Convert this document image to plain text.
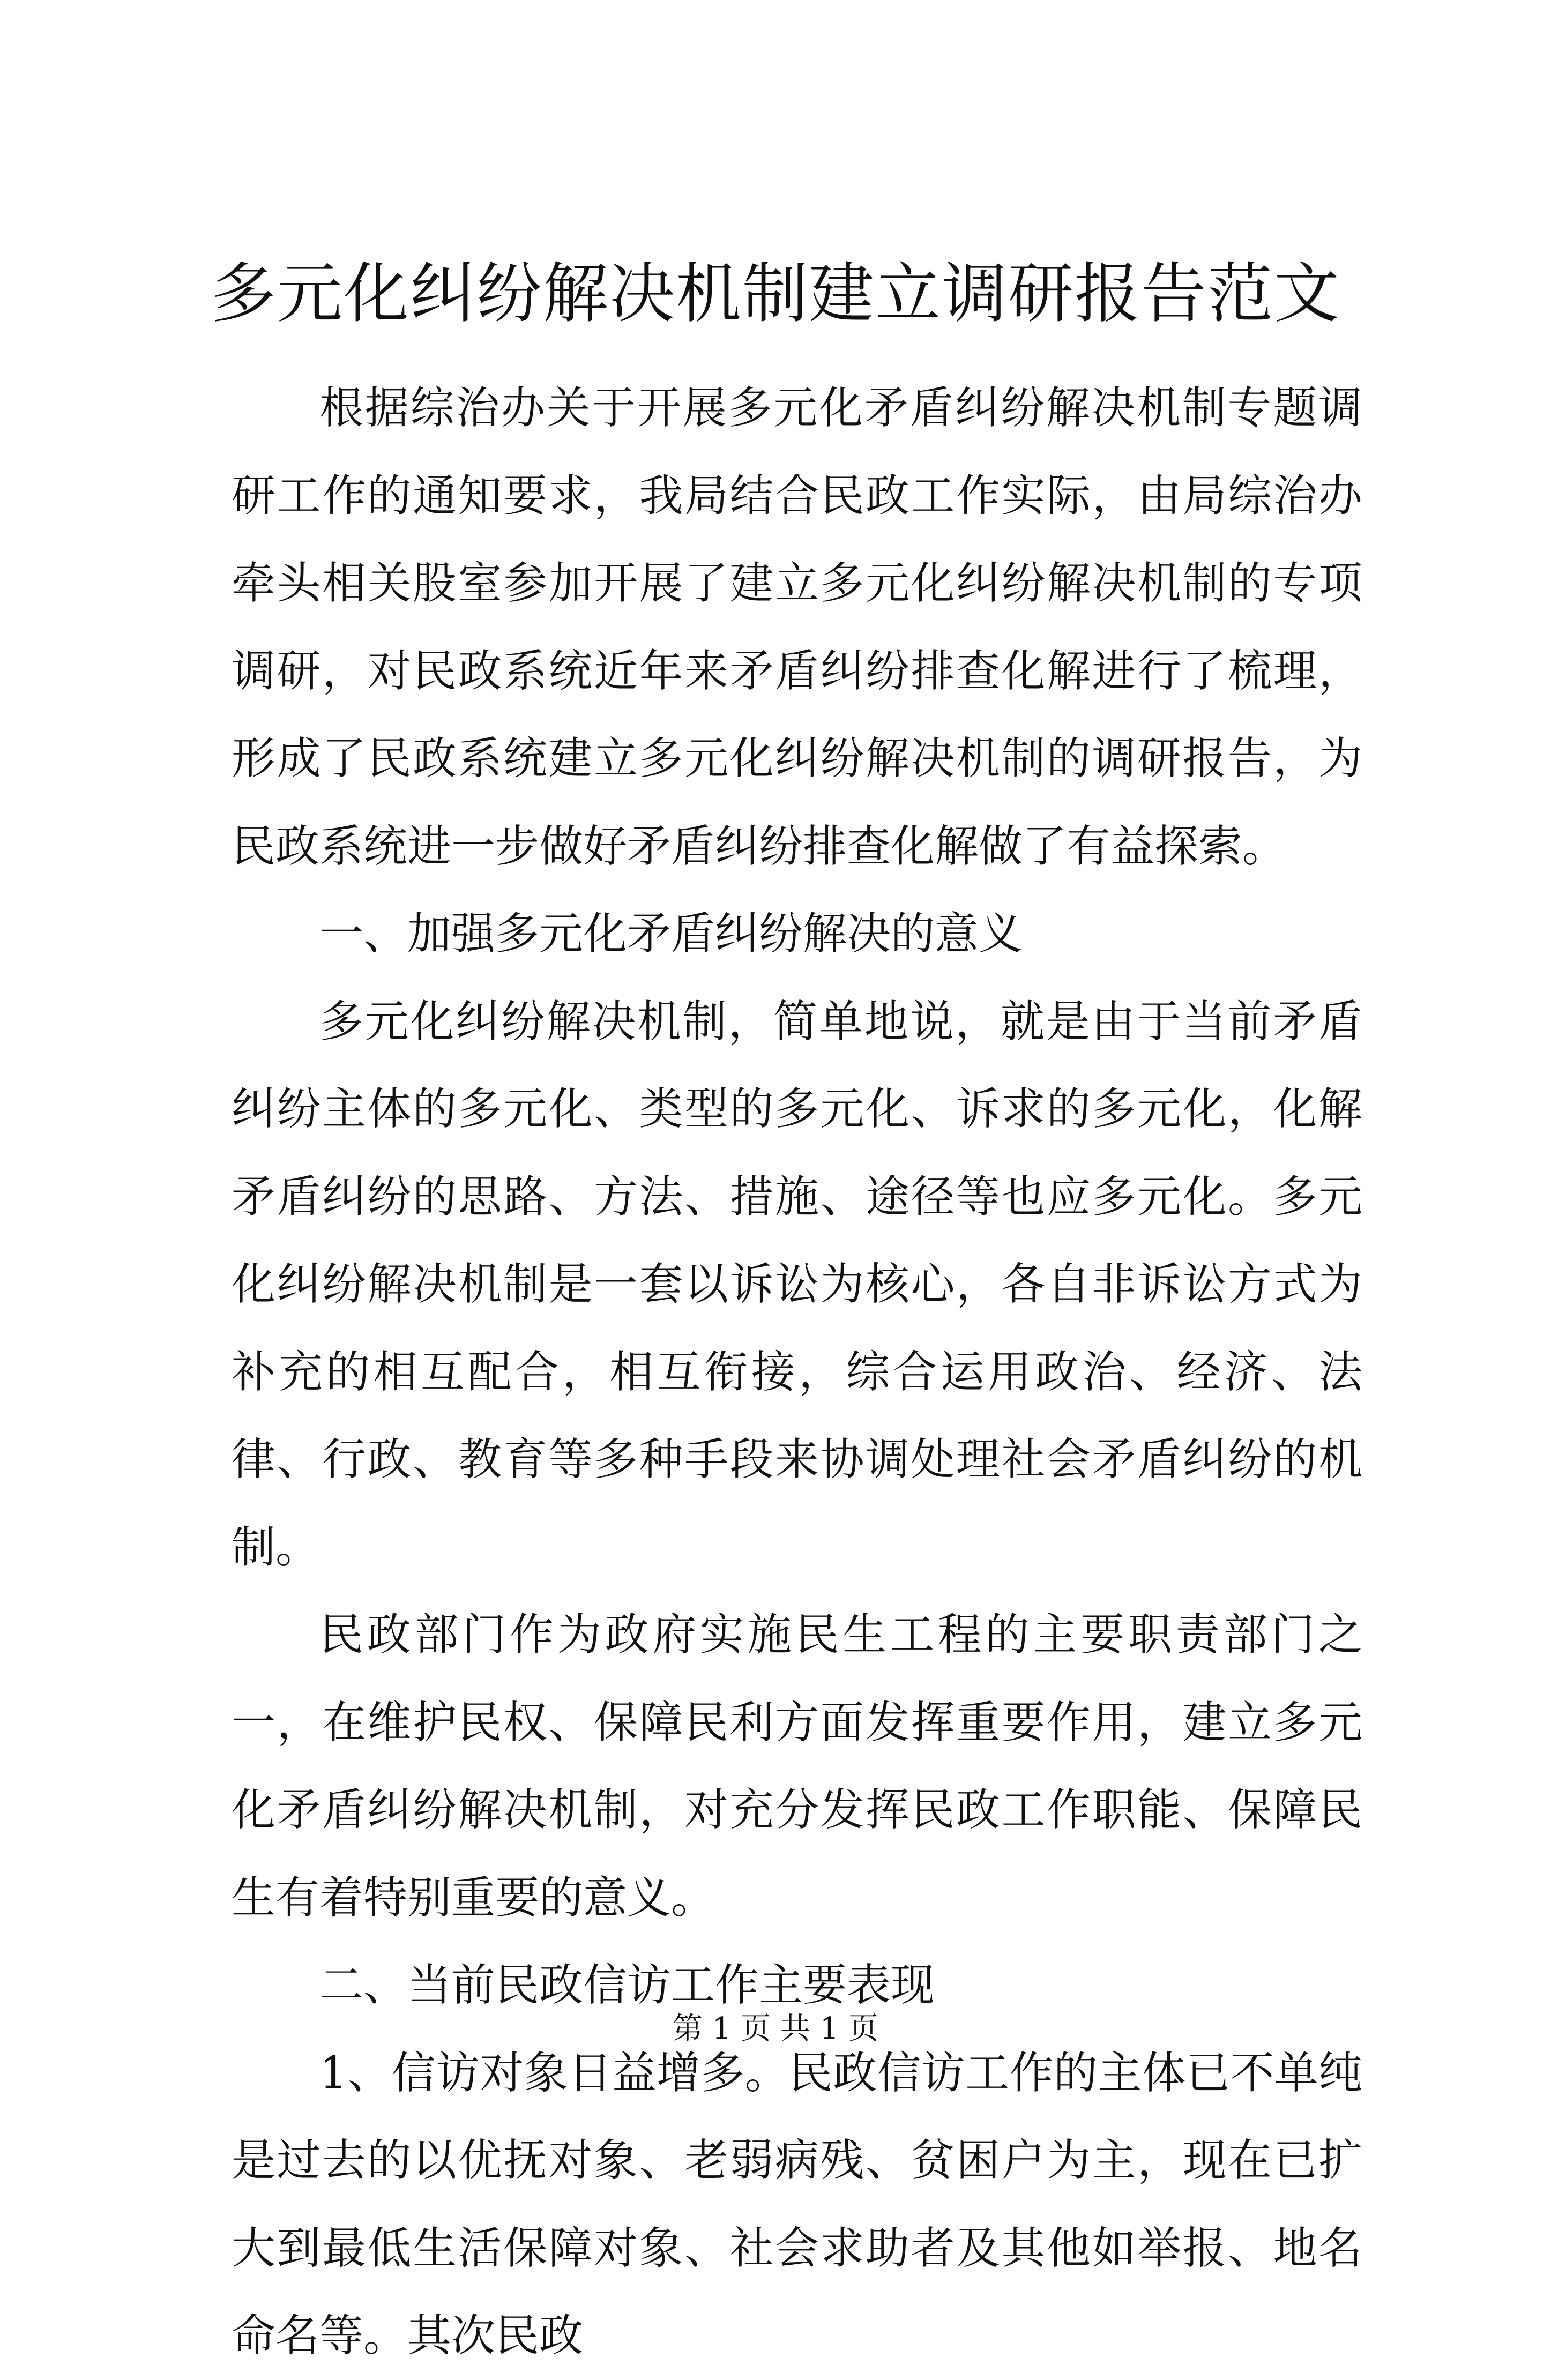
多元化纠纷解决机制建立调研报告范文

根据综治办关于开展多元化矛盾纠纷解决机制专题调研工作的通知要求，我局结合民政工作实际，由局综治办牵头相关股室参加开展了建立多元化纠纷解决机制的专项调研，对民政系统近年来矛盾纠纷排查化解进行了梳理，形成了民政系统建立多元化纠纷解决机制的调研报告，为民政系统进一步做好矛盾纠纷排查化解做了有益探索。

一、加强多元化矛盾纠纷解决的意义

多元化纠纷解决机制，简单地说，就是由于当前矛盾纠纷主体的多元化、类型的多元化、诉求的多元化，化解矛盾纠纷的思路、方法、措施、途径等也应多元化。多元化纠纷解决机制是一套以诉讼为核心，各自非诉讼方式为补充的相互配合，相互衔接，综合运用政治、经济、法律、行政、教育等多种手段来协调处理社会矛盾纠纷的机制。

民政部门作为政府实施民生工程的主要职责部门之一，在维护民权、保障民利方面发挥重要作用，建立多元化矛盾纠纷解决机制，对充分发挥民政工作职能、保障民生有着特别重要的意义。

二、当前民政信访工作主要表现

1、信访对象日益增多。民政信访工作的主体已不单纯是过去的以优抚对象、老弱病残、贫困户为主，现在已扩大到最低生活保障对象、社会求助者及其他如举报、地名命名等。其次民政

第 1 页 共 1 页
